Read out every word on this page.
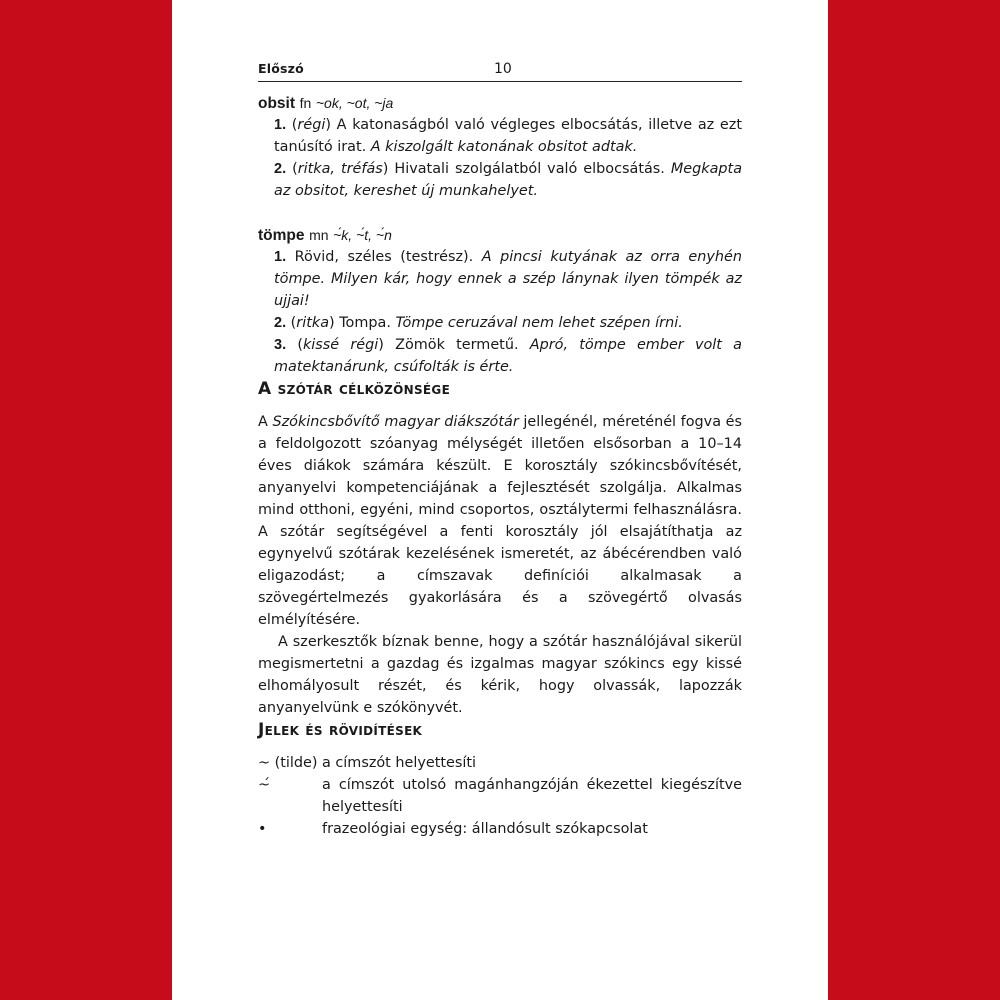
Előszó	10
obsit fn ~ok, ~ot, ~ja
1. (régi) A katonaságból való végleges elbocsátás, illetve az ezt tanúsító irat. A kiszolgált katonának obsitot adtak.
2. (ritka, tréfás) Hivatali szolgálatból való elbocsátás. Megkapta az obsitot, kereshet új munkahelyet.
tömpe mn ~́k, ~́t, ~́n
1. Rövid, széles (testrész). A pincsi kutyának az orra enyhén tömpe. Milyen kár, hogy ennek a szép lánynak ilyen tömpék az ujjai!
2. (ritka) Tompa. Tömpe ceruzával nem lehet szépen írni.
3. (kissé régi) Zömök termetű. Apró, tömpe ember volt a matektanárunk, csúfolták is érte.
A szótár célközönsége

A Szókincsbővítő magyar diákszótár jellegénél, méreténél fogva és a feldolgozott szóanyag mélységét illetően elsősorban a 10–14 éves diákok számára készült. E korosztály szókincsbővítését, anyanyelvi kompetenciájának a fejlesztését szolgálja. Alkalmas mind otthoni, egyéni, mind csoportos, osztálytermi felhasználásra. A szótár segítségével a fenti korosztály jól elsajátíthatja az egynyelvű szótárak kezelésének ismeretét, az ábécérendben való eligazodást; a címszavak definíciói alkalmasak a szövegértelmezés gyakorlására és a szövegértő olvasás elmélyítésére.

A szerkesztők bíznak benne, hogy a szótár használójával sikerül megismertetni a gazdag és izgalmas magyar szókincs egy kissé elhomályosult részét, és kérik, hogy olvassák, lapozzák anyanyelvünk e szókönyvét.

Jelek és rövidítések
~ (tilde) a címszót helyettesíti
~́	a címszót utolsó magánhangzóján ékezettel kiegészítve helyettesíti
•	frazeológiai egység: állandósult szókapcsolat
